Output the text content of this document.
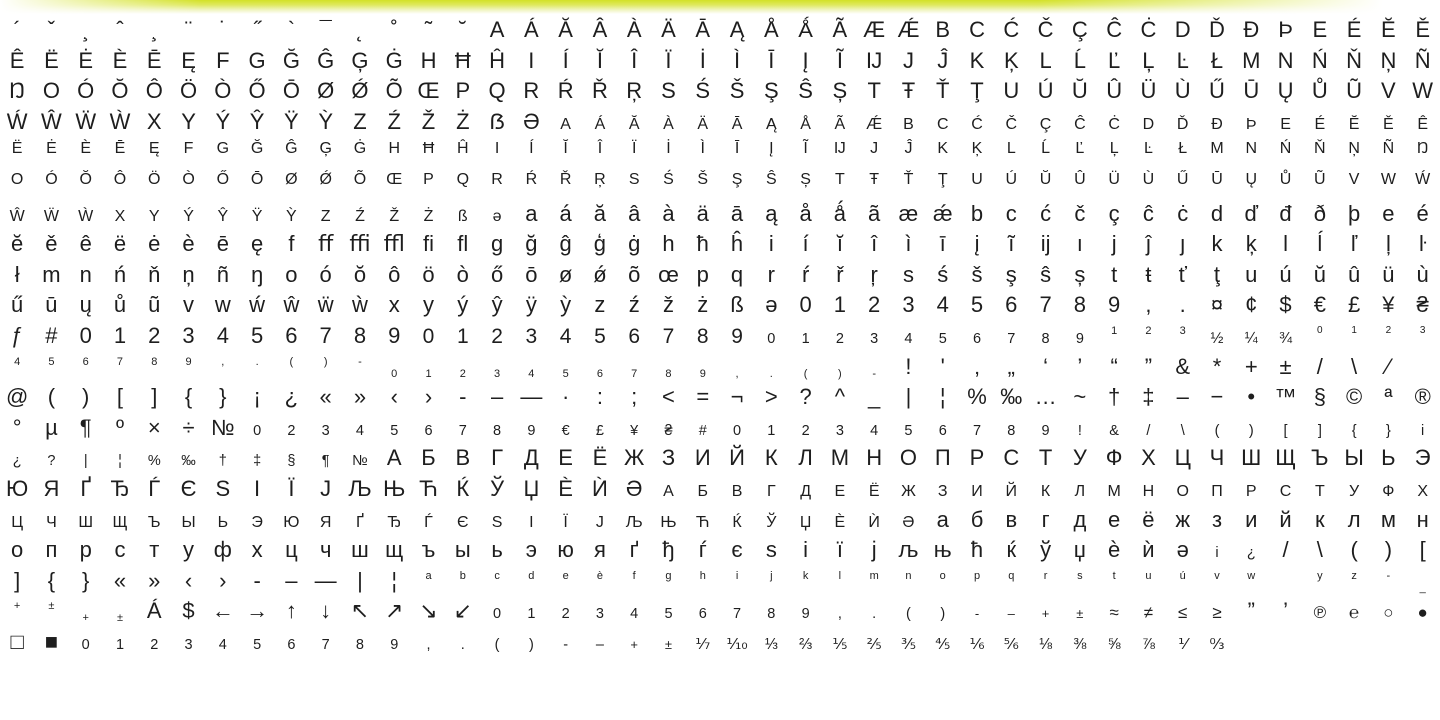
´	ˇ	¸	ˆ	¸	¨	˙	˝	`	¯	˛	˚	˜	˘	A Á Ă Â À Ä Ā Ą Å Ǻ Ã Æ Ǽ B C Ć Č Ç Ĉ Ċ D Ď Đ Þ E É Ĕ Ě
Ê Ë Ė È Ē Ę F G Ğ Ĝ Ģ Ġ H Ħ Ĥ	I	Í	Ĭ	Î	Ï	İ	Ì	Ī	Į	Ĩ	Ĳ J	Ĵ K Ķ L	Ĺ	Ľ	Ļ	Ŀ	Ł M N Ń Ň Ņ Ñ
Ŋ O Ó Ŏ Ô Ö Ò Ő Ō Ø Ǿ Õ Œ P Q R Ŕ Ř Ŗ S Ś Š Ş Ŝ Ș T Ŧ Ť Ţ U Ú Ŭ Û Ü Ù Ű Ū Ų Ů Ũ V W
Ẃ Ŵ Ẅ Ẁ X Y Ý Ŷ Ÿ Ỳ Z Ź Ž Ż ẞ Ə	A	Á	Ă	À	Ä	Ā	Ą	Å	Ã	Ǽ	B	C	Ć	Č	Ç	Ĉ	Ċ	D	Ď	Đ	Þ	E	É	Ĕ	Ě	Ê
Ë	Ė	È	Ē	Ę	F	G	Ğ	Ĝ	Ģ	Ġ	H	Ħ	Ĥ	I	Í	Ĭ	Î	Ï	İ	Ì	Ī	Į	Ĩ	Ĳ	J	Ĵ	K	Ķ	L	Ĺ	Ľ	Ļ	Ŀ	Ł	M	N	Ń	Ň	Ņ	Ñ	Ŋ
O	Ó	Ŏ	Ô	Ö	Ò	Ő	Ō	Ø	Ǿ	Õ	Œ	P	Q	R	Ŕ	Ř	Ŗ	S	Ś	Š	Ş	Ŝ	Ș	T	Ŧ	Ť	Ţ	U	Ú	Ŭ	Û	Ü	Ù	Ű	Ū	Ų	Ů	Ũ	V	W	Ẃ
Ŵ	Ẅ	Ẁ	X	Y	Ý	Ŷ	Ÿ	Ỳ	Z	Ź	Ž	Ż	ß	ə	a	á	ă	â	à	ä	ā	ą	å	ǻ	ã æ ǽ b	c	ć	č	ç	ĉ	ċ	d ď đ	ð	þ	e	é
ĕ	ě	ê	ë	ė	è	ē	ę	f	ﬀ ﬃ ﬄ ﬁ	ﬂ	g	ğ	ĝ	ģ	ġ	h	ħ	ĥ	i	í	ĭ	î	ì	ī	į	ĩ	ĳ	ı	j	ĵ	ȷ	k	ķ	l	ĺ	ľ	ļ	ŀ
ł	m n	ń	ň	ņ	ñ	ŋ	o	ó	ŏ	ô	ö	ò	ő	ō ø ǿ õ œ p	q	r	ŕ	ř	ŗ	s	ś	š	ş	ŝ	ș	t	ŧ	ť	ţ	u	ú	ŭ	û	ü	ù
ű	ū	ų	ů	ũ	v w ẃ ŵ ẅ ẁ x	y	ý	ŷ	ÿ	ỳ	z	ź	ž	ż	ß ə	0	1	2	3	4	5	6	7	8	9	,	.	¤	¢	$	€	£	¥	₴
ƒ	#	0	1	2	3	4	5	6	7	8	9	0	1	2	3	4	5	6	7	8	9	0	1	2	3	4	5	6	7	8	9	1	2	3	½	¼	¾	0	1	2	3
4	5	6	7	8	9	,	.	(	)	-
0	1	2	3	4	5	6	7	8	9	,	.	(	)	-	!	'	‚	„	‘	’	“	”	&	*	+ ±	/	\	⁄
@ (	)	[	]	{	}	¡	¿ «	»	‹	›	-	– — ·	:	;	< = ¬ > ?	^	_	|	¦ % ‰ … ~ †	‡	– −	• ™ § ©	ª	®
°	µ	¶	º	× ÷ №	0	2	3	4	5	6	7	8	9	€	£	¥	₴	#	0	1	2	3	4	5	6	7	8	9	!	&	/	\	(	)	[	]	{	}	i
¿	?	|	¦	%	‰	†	‡	§	¶	№ А Б В Г Д Е Ё Ж З И Й К Л М Н О П Р С Т У Ф Х Ц Ч Ш Щ Ъ Ы Ь Э
Ю Я Ґ Ђ Ѓ Є Ѕ	І	Ї	Ј Љ Њ Ћ Ќ Ў Џ Ѐ Ѝ Ә	А	Б	В	Г	Д	Е	Ё	Ж	З	И	Й	К	Л	М	Н	О	П	Р	С	Т	У	Ф	Х
Ц	Ч	Ш	Щ	Ъ	Ы	Ь	Э	Ю	Я	Ґ	Ђ	Ѓ	Є	Ѕ	І	Ї	Ј	Љ	Њ	Ћ	Ќ	Ў	Џ	Ѐ	Ѝ	Ә	а б	в	г	д е	ё ж з	и й	к	л м н
о	п	р	с	т	у ф х	ц	ч ш щ ъ ы ь	э ю я	ґ	ђ	ѓ	є	ѕ	і	ї	ј љ њ ћ	ќ	ў	џ	ѐ	ѝ	ә	i	¿	/	\	(	)	[
]	{	}	«	»	‹	›	-	– — |	¦	a	b	c	d	e	è	f	g	h	i	j	k	l	m	n	o	p	q	r	s	t	u	ú	v	w	y	z	-
_
+	±
+	±	Á $ ← → ↑	↓ ↖ ↗ ↘ ↙	0	1	2	3	4	5	6	7	8	9	,	.	(	)	-	–	+	±	≈	≠	≤	≥	”	’	℗	℮	○	●
□ ■	0	1	2	3	4	5	6	7	8	9	,	.	(	)	-	–	+	±	⅐	⅒	⅓	⅔	⅕	⅖	⅗	⅘	⅙	⅚	⅛	⅜	⅝	⅞	⅟	↉
